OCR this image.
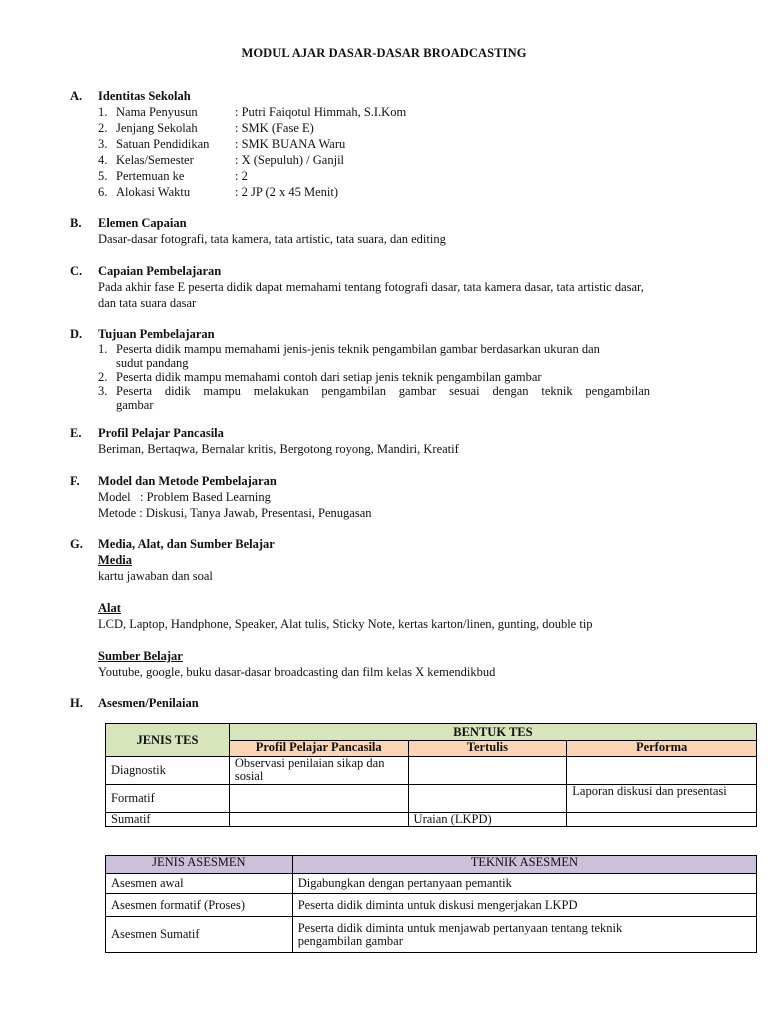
MODUL AJAR DASAR-DASAR BROADCASTING
A. Identitas Sekolah
1. Nama Penyusun	: Putri Faiqotul Himmah, S.I.Kom
2. Jenjang Sekolah	: SMK (Fase E)
3. Satuan Pendidikan	: SMK BUANA Waru
4. Kelas/Semester	: X (Sepuluh) / Ganjil
5. Pertemuan ke	: 2
6. Alokasi Waktu	: 2 JP (2 x 45 Menit)
B. Elemen Capaian
Dasar-dasar fotografi, tata kamera, tata artistic, tata suara, dan editing
C. Capaian Pembelajaran
Pada akhir fase E peserta didik dapat memahami tentang fotografi dasar, tata kamera dasar, tata artistic dasar,
dan tata suara dasar
D. Tujuan Pembelajaran
1. Peserta didik mampu memahami jenis-jenis teknik pengambilan gambar berdasarkan ukuran dan
sudut pandang
2. Peserta didik mampu memahami contoh dari setiap jenis teknik pengambilan gambar
3. Peserta didik mampu melakukan pengambilan gambar sesuai dengan teknik pengambilan
gambar
E. Profil Pelajar Pancasila
Beriman, Bertaqwa, Bernalar kritis, Bergotong royong, Mandiri, Kreatif
F. Model dan Metode Pembelajaran
Model   : Problem Based Learning
Metode : Diskusi, Tanya Jawab, Presentasi, Penugasan
G. Media, Alat, dan Sumber Belajar
Media
kartu jawaban dan soal
Alat
LCD, Laptop, Handphone, Speaker, Alat tulis, Sticky Note, kertas karton/linen, gunting, double tip
Sumber Belajar
Youtube, google, buku dasar-dasar broadcasting dan film kelas X kemendikbud
H. Asesmen/Penilaian
JENIS TES	BENTUK TES		
	Profil Pelajar Pancasila	Tertulis	Performa
Diagnostik	Observasi penilaian sikap dan sosial		
Formatif			Laporan diskusi dan presentasi
Sumatif		Uraian (LKPD)	
JENIS ASESMEN	TEKNIK ASESMEN
Asesmen awal	Digabungkan dengan pertanyaan pemantik
Asesmen formatif (Proses)	Peserta didik diminta untuk diskusi mengerjakan LKPD
Asesmen Sumatif	Peserta didik diminta untuk menjawab pertanyaan tentang teknik pengambilan gambar
